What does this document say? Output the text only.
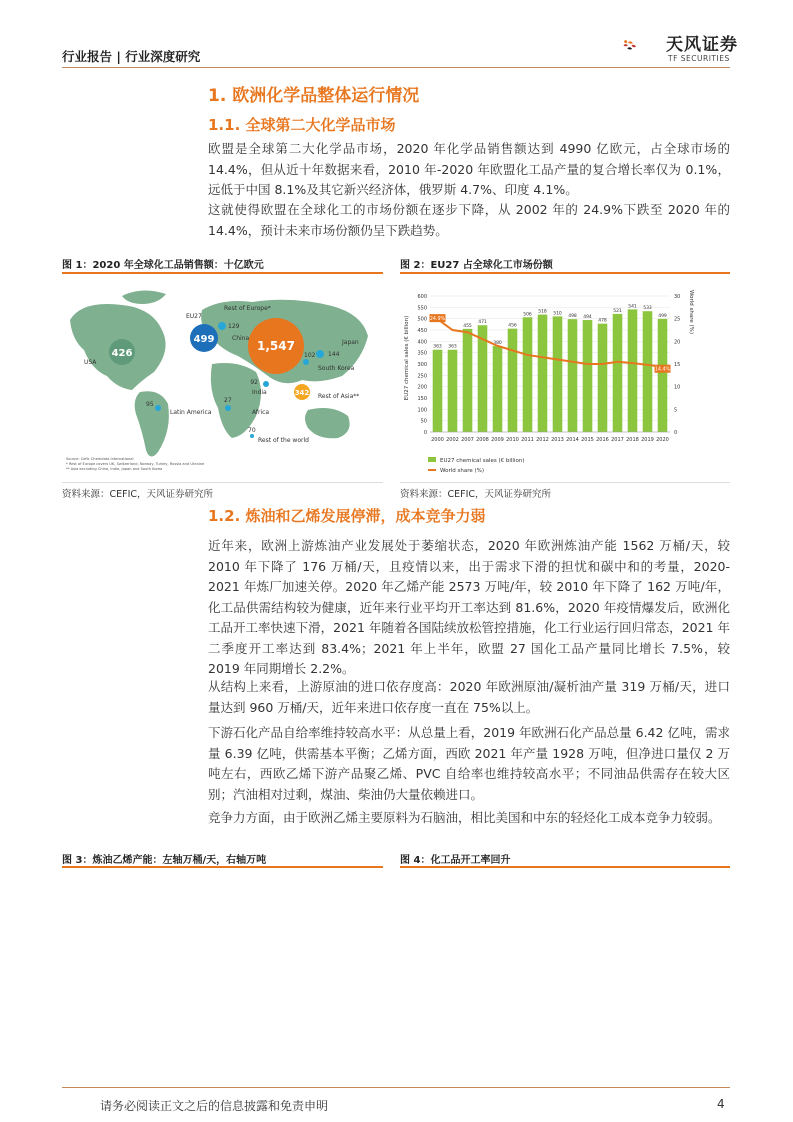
行业报告 | 行业深度研究
天风证券
TF SECURITIES
1. 欧洲化学品整体运行情况
1.1. 全球第二大化学品市场
欧盟是全球第二大化学品市场，2020 年化学品销售额达到 4990 亿欧元，占全球市场的 14.4%，但从近十年数据来看，2010 年-2020 年欧盟化工品产量的复合增长率仅为 0.1%，远低于中国 8.1%及其它新兴经济体，俄罗斯 4.7%、印度 4.1%。
这就使得欧盟在全球化工的市场份额在逐步下降，从 2002 年的 24.9%下跌至 2020 年的 14.4%，预计未来市场份额仍呈下跌趋势。
图 1：2020 年全球化工品销售额：十亿欧元
426
USA
499
EU27
129
Rest of Europe*
1,547
China
144
Japan
102
South Korea
92
India	342 Rest of Asia**
27
Africa
95
Latin America
70
Rest of the world
Source: Cefic Chemdata International
* Rest of Europe covers UK, Switzerland, Norway, Turkey, Russia and Ukraine
** Asia excluding China, India, Japan and South Korea
资料来源：CEFIC，天风证券研究所
图 2：EU27 占全球化工市场份额
EU27 chemical sales (€ billion)
World share (%)
363 363
455
471
380
456
506
518 510
498 494
478
521
541 533
499
24.9%
14.4%
2000 2002 2007 2008 2009 2010 2011 2012 2013 2014 2015 2016 2017 2018 2019 2020
0
50
100
150
200
250
300
350
400
450
500
550
600
0
5
10
15
20
25
30
EU27 chemical sales (€ billion)
World share (%)
资料来源：CEFIC，天风证券研究所
1.2. 炼油和乙烯发展停滞，成本竞争力弱
近年来，欧洲上游炼油产业发展处于萎缩状态，2020 年欧洲炼油产能 1562 万桶/天，较 2010 年下降了 176 万桶/天，且疫情以来，出于需求下滑的担忧和碳中和的考量，2020-2021 年炼厂加速关停。2020 年乙烯产能 2573 万吨/年，较 2010 年下降了 162 万吨/年，化工品供需结构较为健康，近年来行业平均开工率达到 81.6%，2020 年疫情爆发后，欧洲化工品开工率快速下滑，2021 年随着各国陆续放松管控措施，化工行业运行回归常态，2021 年二季度开工率达到 83.4%；2021 年上半年，欧盟 27 国化工品产量同比增长 7.5%，较 2019 年同期增长 2.2%。
从结构上来看，上游原油的进口依存度高：2020 年欧洲原油/凝析油产量 319 万桶/天，进口量达到 960 万桶/天，近年来进口依存度一直在 75%以上。
下游石化产品自给率维持较高水平：从总量上看，2019 年欧洲石化产品总量 6.42 亿吨，需求量 6.39 亿吨，供需基本平衡；乙烯方面，西欧 2021 年产量 1928 万吨，但净进口量仅 2 万吨左右，西欧乙烯下游产品聚乙烯、PVC 自给率也维持较高水平；不同油品供需存在较大区别；汽油相对过剩，煤油、柴油仍大量依赖进口。
竞争力方面，由于欧洲乙烯主要原料为石脑油，相比美国和中东的轻烃化工成本竞争力较弱。
图 3：炼油乙烯产能：左轴万桶/天，右轴万吨	图 4：化工品开工率回升
请务必阅读正文之后的信息披露和免责申明	4
